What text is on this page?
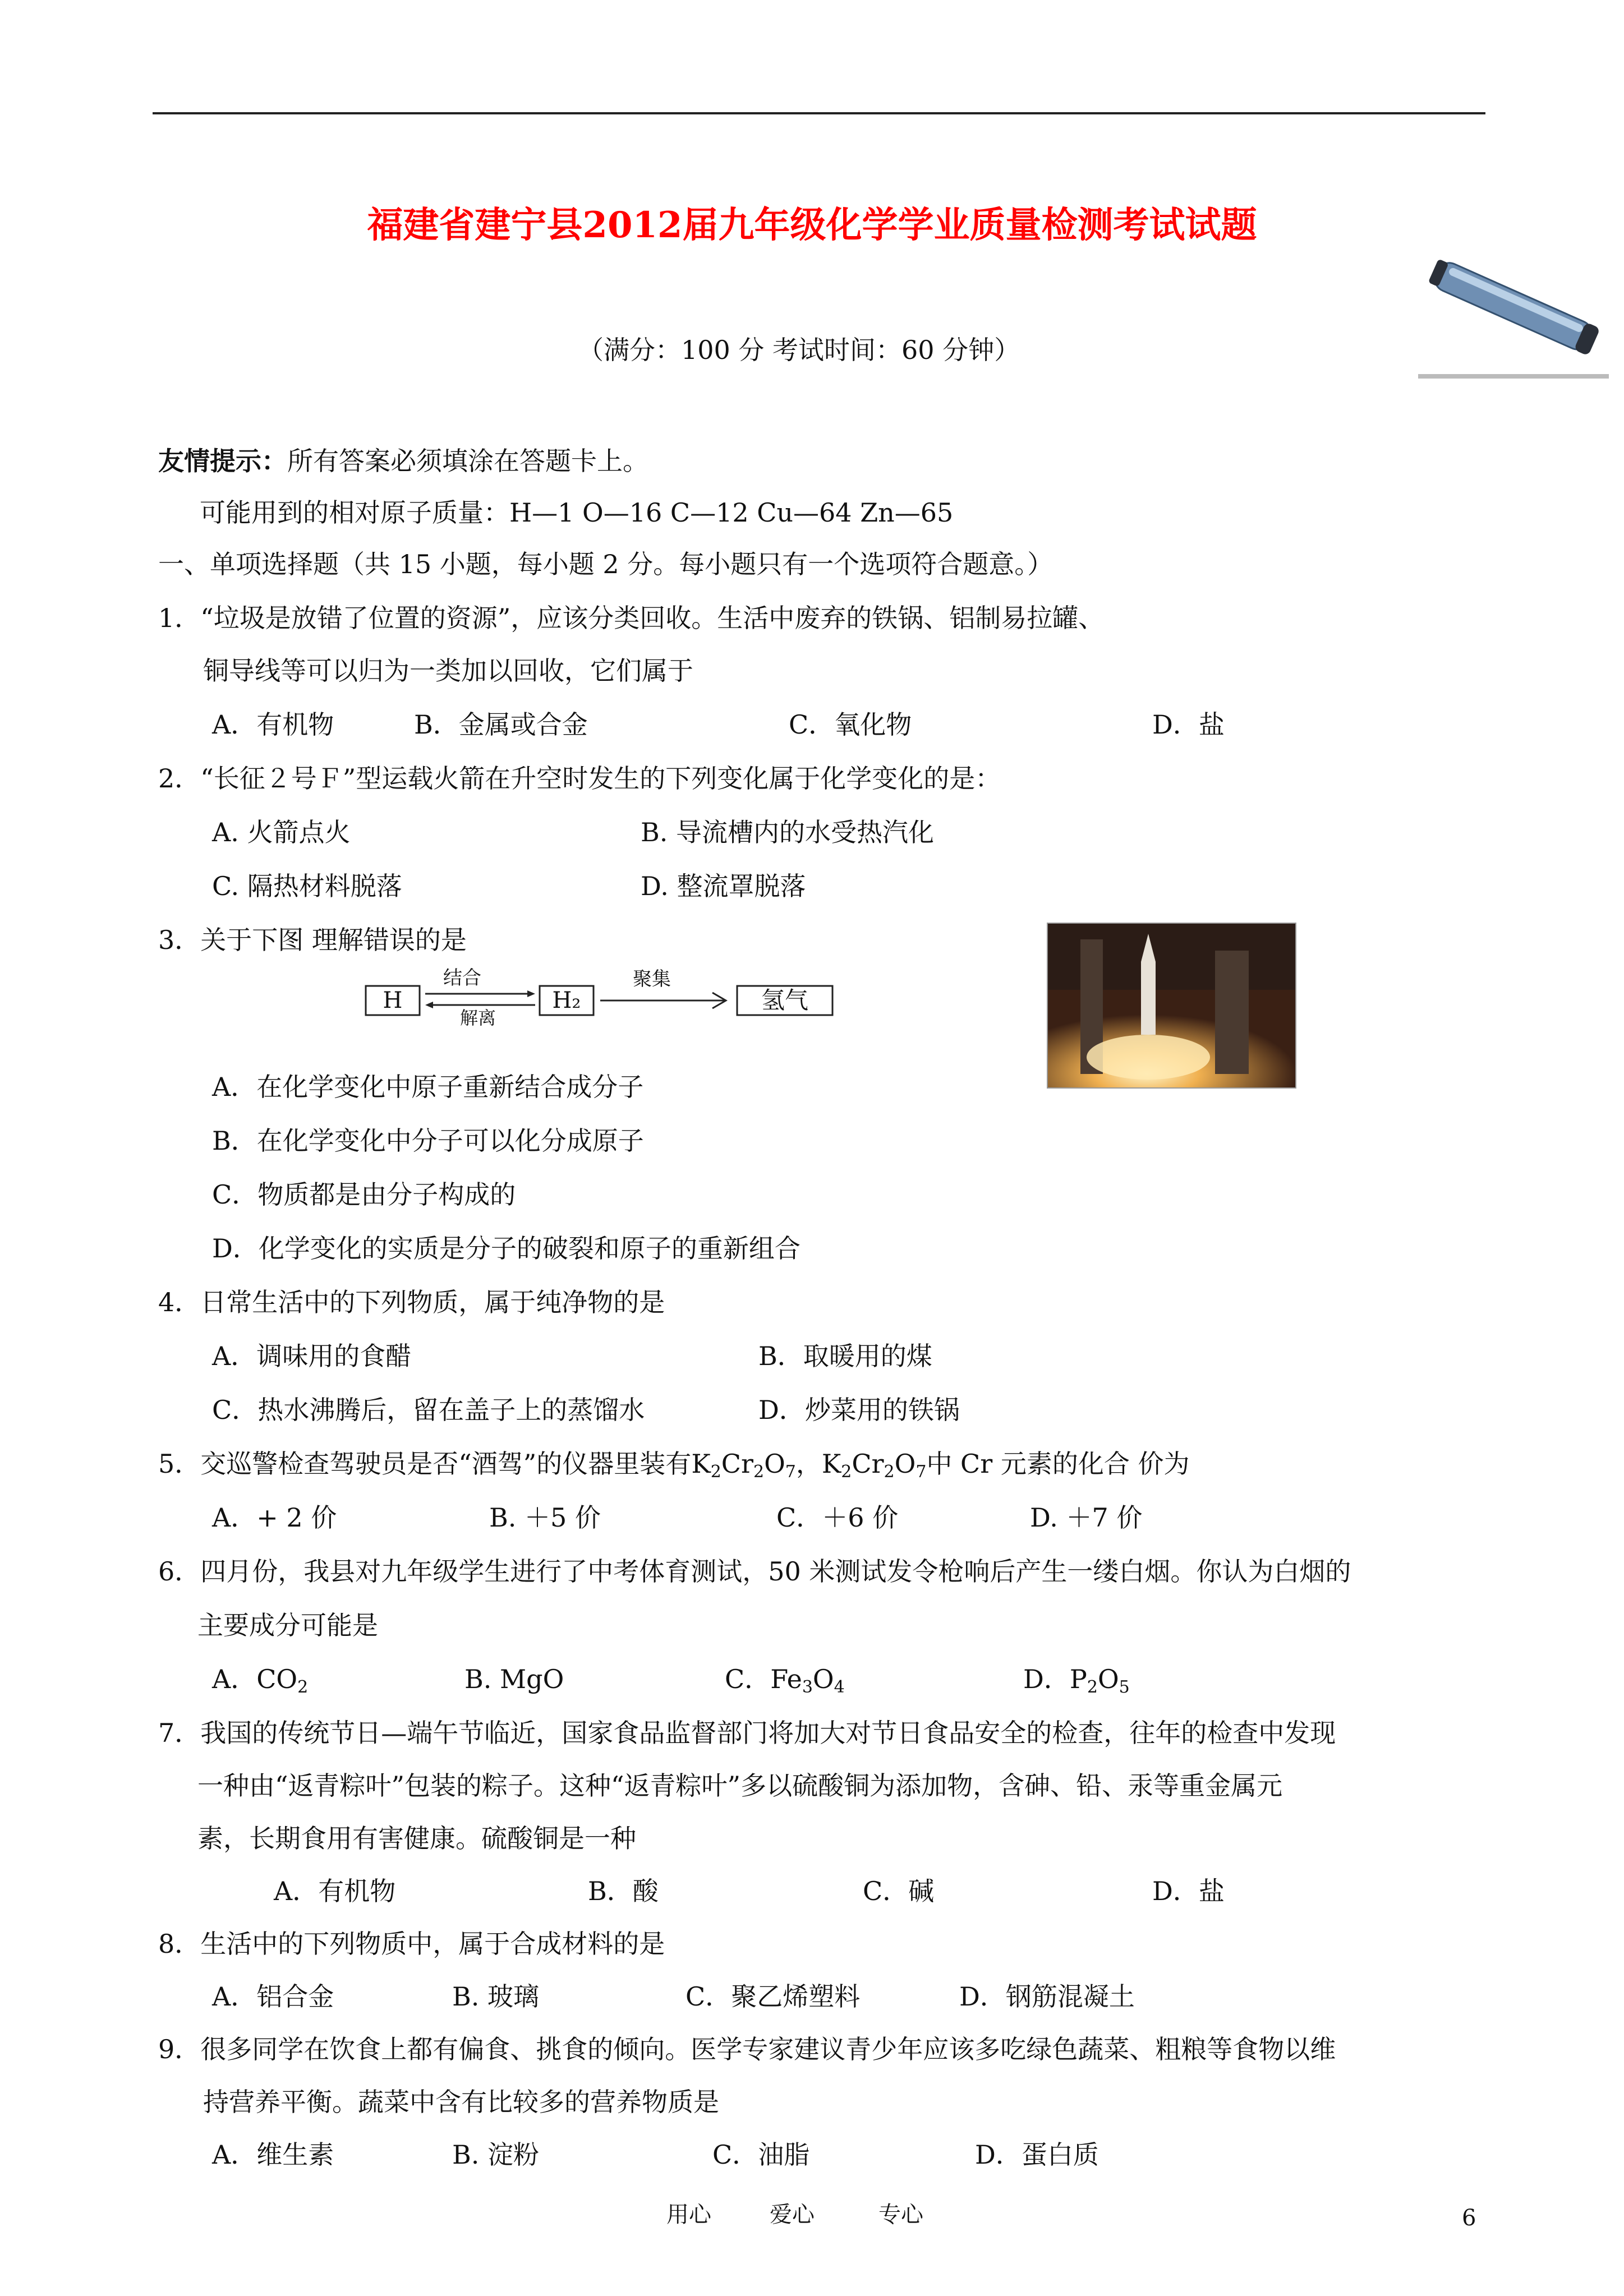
福建省建宁县2012届九年级化学学业质量检测考试试题
（满分：100 分 考试时间：60 分钟）
友情提示：所有答案必须填涂在答题卡上。
可能用到的相对原子质量：H—1 O—16 C—12 Cu—64 Zn—65
一、单项选择题（共 15 小题，每小题 2 分。每小题只有一个选项符合题意。）
1．“垃圾是放错了位置的资源”，应该分类回收。生活中废弃的铁锅、铝制易拉罐、
铜导线等可以归为一类加以回收，它们属于
A．有机物	B．金属或合金	C．氧化物	D．盐
2．“长征２号Ｆ”型运载火箭在升空时发生的下列变化属于化学变化的是：
A. 火箭点火	B. 导流槽内的水受热汽化
C. 隔热材料脱落	D. 整流罩脱落
3．关于下图 理解错误的是
H
结合
解离
H₂
聚集
氢气
A．在化学变化中原子重新结合成分子
B．在化学变化中分子可以化分成原子
C．物质都是由分子构成的
D．化学变化的实质是分子的破裂和原子的重新组合
4．日常生活中的下列物质，属于纯净物的是
A．调味用的食醋	B．取暖用的煤
C．热水沸腾后，留在盖子上的蒸馏水	D．炒菜用的铁锅
5．交巡警检查驾驶员是否“酒驾”的仪器里装有$K_2Cr_2O_7$，$K_2Cr_2O_7$中 Cr 元素的化合 价为
A．+ 2 价	B. ＋5 价	C．＋6 价	D. ＋7 价
6．四月份，我县对九年级学生进行了中考体育测试，50 米测试发令枪响后产生一缕白烟。你认为白烟的
主要成分可能是
A．$CO_2$	B. MgO	C．$Fe_3O_4$	D．$P_2O_5$
7．我国的传统节日—端午节临近，国家食品监督部门将加大对节日食品安全的检查，往年的检查中发现
一种由“返青粽叶”包装的粽子。这种“返青粽叶”多以硫酸铜为添加物，含砷、铅、汞等重金属元
素，长期食用有害健康。硫酸铜是一种
A．有机物	B．酸	C．碱	D．盐
8．生活中的下列物质中，属于合成材料的是
A．铝合金	B. 玻璃	C．聚乙烯塑料	D．钢筋混凝土
9．很多同学在饮食上都有偏食、挑食的倾向。医学专家建议青少年应该多吃绿色蔬菜、粗粮等食物以维
持营养平衡。蔬菜中含有比较多的营养物质是
A．维生素	B. 淀粉	C．油脂	D．蛋白质
用心	爱心	专心	6
